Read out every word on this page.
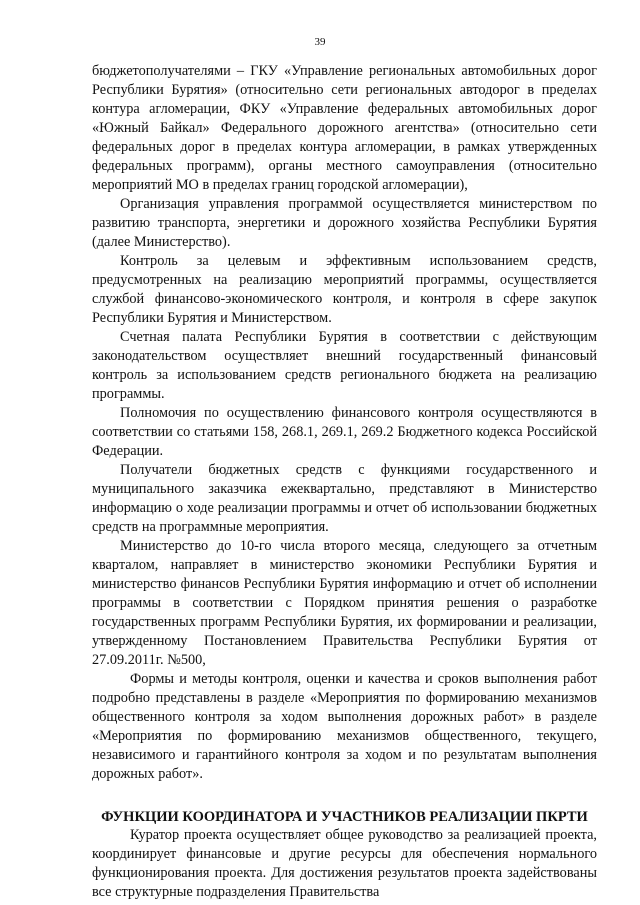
39

бюджетополучателями – ГКУ «Управление региональных автомобильных дорог Республики Бурятия» (относительно сети региональных автодорог в пределах контура агломерации, ФКУ «Управление федеральных автомобильных дорог «Южный Байкал» Федерального дорожного агентства» (относительно сети федеральных дорог в пределах контура агломерации, в рамках утвержденных федеральных программ), органы местного самоуправления (относительно мероприятий МО в пределах границ городской агломерации),

Организация управления программой осуществляется министерством по развитию транспорта, энергетики и дорожного хозяйства Республики Бурятия (далее Министерство).

Контроль за целевым и эффективным использованием средств, предусмотренных на реализацию мероприятий программы, осуществляется службой финансово-экономического контроля, и контроля в сфере закупок Республики Бурятия и Министерством.

Счетная палата Республики Бурятия в соответствии с действующим законодательством осуществляет внешний государственный финансовый контроль за использованием средств регионального бюджета на реализацию программы.

Полномочия по осуществлению финансового контроля осуществляются в соответствии со статьями 158, 268.1, 269.1, 269.2 Бюджетного кодекса Российской Федерации.

Получатели бюджетных средств с функциями государственного и муниципального заказчика ежеквартально, представляют в Министерство информацию о ходе реализации программы и отчет об использовании бюджетных средств на программные мероприятия.

Министерство до 10-го числа второго месяца, следующего за отчетным кварталом, направляет в министерство экономики Республики Бурятия и министерство финансов Республики Бурятия информацию и отчет об исполнении программы в соответствии с Порядком принятия решения о разработке государственных программ Республики Бурятия, их формировании и реализации, утвержденному Постановлением Правительства Республики Бурятия от 27.09.2011г. №500,

Формы и методы контроля, оценки и качества и сроков выполнения работ подробно представлены в разделе «Мероприятия по формированию механизмов общественного контроля за ходом выполнения дорожных работ» в разделе «Мероприятия по формированию механизмов общественного, текущего, независимого и гарантийного контроля за ходом и по результатам выполнения дорожных работ».

ФУНКЦИИ КООРДИНАТОРА И УЧАСТНИКОВ РЕАЛИЗАЦИИ ПКРТИ

Куратор проекта осуществляет общее руководство за реализацией проекта, координирует финансовые и другие ресурсы для обеспечения нормального функционирования проекта. Для достижения результатов проекта задействованы все структурные подразделения Правительства
